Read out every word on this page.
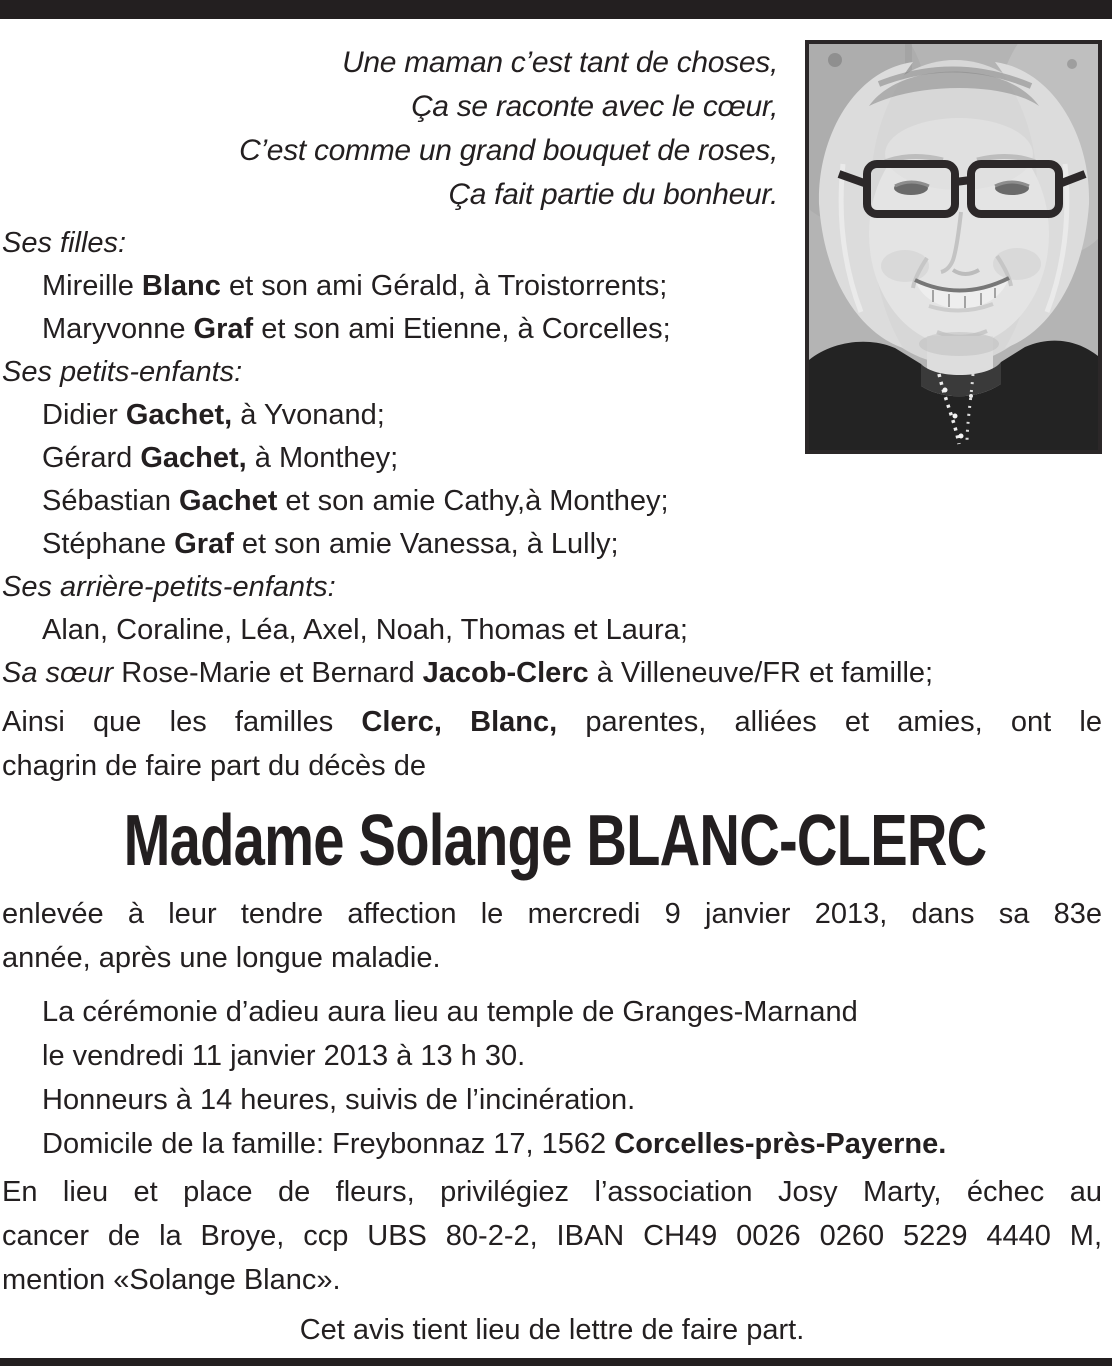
Une maman c’est tant de choses,
Ça se raconte avec le cœur,
C’est comme un grand bouquet de roses,
Ça fait partie du bonheur.
Ses filles:
Mireille Blanc et son ami Gérald, à Troistorrents;
Maryvonne Graf et son ami Etienne, à Corcelles;
Ses petits-enfants:
Didier Gachet, à Yvonand;
Gérard Gachet, à Monthey;
Sébastian Gachet et son amie Cathy,à Monthey;
Stéphane Graf et son amie Vanessa, à Lully;
Ses arrière-petits-enfants:
Alan, Coraline, Léa, Axel, Noah, Thomas et Laura;
Sa sœur Rose-Marie et Bernard Jacob-Clerc à Villeneuve/FR et famille;
Ainsi que les familles Clerc, Blanc, parentes, alliées et amies, ont le
chagrin de faire part du décès de
Madame Solange BLANC-CLERC
enlevée à leur tendre affection le mercredi 9 janvier 2013, dans sa 83e
année, après une longue maladie.
La cérémonie d’adieu aura lieu au temple de Granges-Marnand
le vendredi 11 janvier 2013 à 13 h 30.
Honneurs à 14 heures, suivis de l’incinération.
Domicile de la famille: Freybonnaz 17, 1562 Corcelles-près-Payerne.
En lieu et place de fleurs, privilégiez l’association Josy Marty, échec au
cancer de la Broye, ccp UBS 80-2-2, IBAN CH49 0026 0260 5229 4440 M,
mention «Solange Blanc».
Cet avis tient lieu de lettre de faire part.
